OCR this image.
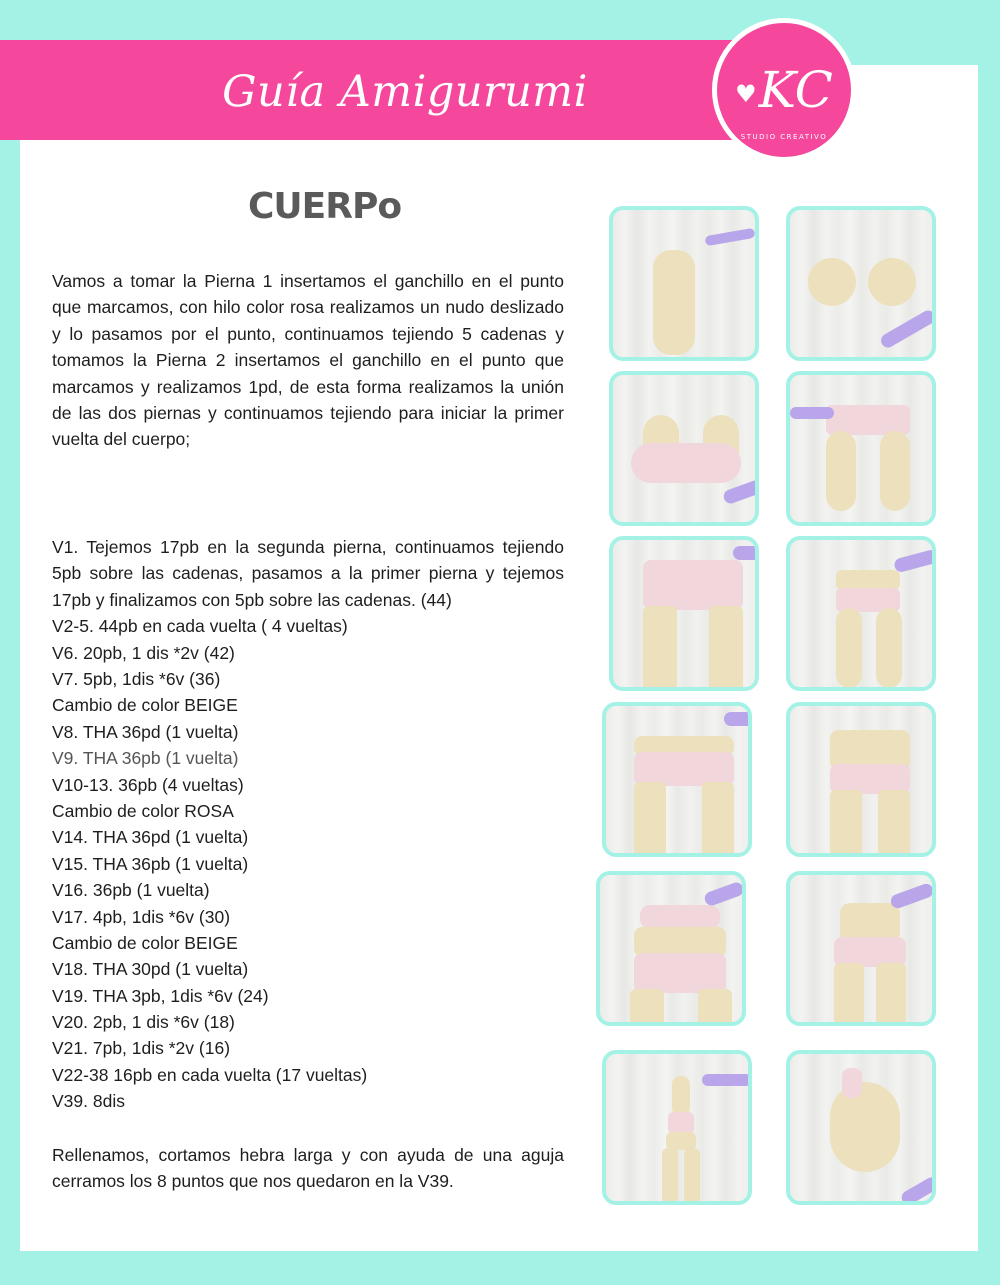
Guía Amigurumi Sandy
♥KC
STUDIO CREATIVO
CUERPo
Vamos a tomar la Pierna 1 insertamos el ganchillo en el punto que marcamos, con hilo color rosa realizamos un nudo deslizado y lo pasamos por el punto, continuamos tejiendo 5 cadenas y tomamos la Pierna 2 insertamos el ganchillo en el punto que marcamos y realizamos 1pd, de esta forma realizamos la unión de las dos piernas y continuamos tejiendo para iniciar la primer vuelta del cuerpo;
V1. Tejemos 17pb en la segunda pierna, continuamos tejiendo 5pb sobre las cadenas, pasamos a la primer pierna y tejemos 17pb y finalizamos con 5pb sobre las cadenas. (44)
V2-5. 44pb en cada vuelta ( 4 vueltas)
V6. 20pb, 1 dis *2v (42)
V7. 5pb, 1dis *6v (36)
Cambio de color BEIGE
V8. THA 36pd (1 vuelta)
V9. THA 36pb (1 vuelta)
V10-13. 36pb (4 vueltas)
Cambio de color ROSA
V14. THA 36pd (1 vuelta)
V15. THA 36pb (1 vuelta)
V16. 36pb (1 vuelta)
V17. 4pb, 1dis *6v (30)
Cambio de color BEIGE
V18. THA 30pd (1 vuelta)
V19. THA 3pb, 1dis *6v (24)
V20. 2pb, 1 dis *6v (18)
V21. 7pb, 1dis *2v (16)
V22-38 16pb en cada vuelta (17 vueltas)
V39. 8dis
Rellenamos, cortamos hebra larga y con ayuda de una aguja cerramos los 8 puntos que nos quedaron en la V39.
